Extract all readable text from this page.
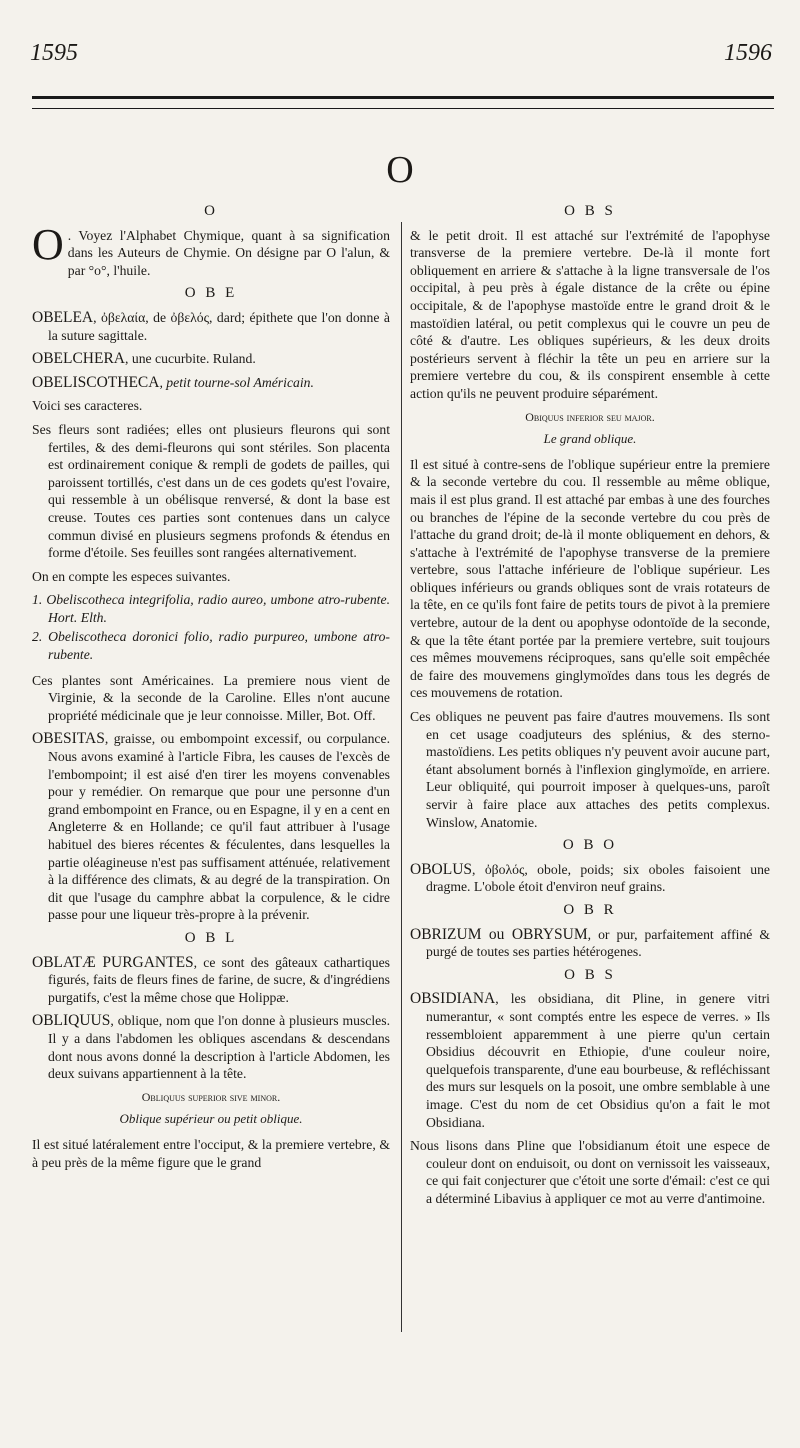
1595	1596
O
O

O . Voyez l'Alphabet Chymique, quant à sa signification dans les Auteurs de Chymie. On désigne par O l'alun, & par °o°, l'huile.

O B E

OBELEA, ὀβελαία, de ὀβελός, dard; épithete que l'on donne à la suture sagittale.

OBELCHERA, une cucurbite. Ruland.

OBELISCOTHECA, petit tourne-sol Américain.

Voici ses caracteres.

Ses fleurs sont radiées; elles ont plusieurs fleurons qui sont fertiles, & des demi-fleurons qui sont stériles. Son placenta est ordinairement conique & rempli de godets de pailles, qui paroissent tortillés, c'est dans un de ces godets qu'est l'ovaire, qui ressemble à un obélisque renversé, & dont la base est creuse. Toutes ces parties sont contenues dans un calyce commun divisé en plusieurs segmens profonds & étendus en forme d'étoile. Ses feuilles sont rangées alternativement.

On en compte les especes suivantes.

1. Obeliscotheca integrifolia, radio aureo, umbone atro-rubente. Hort. Elth.
2. Obeliscotheca doronici folio, radio purpureo, umbone atro-rubente.

Ces plantes sont Américaines. La premiere nous vient de Virginie, & la seconde de la Caroline. Elles n'ont aucune propriété médicinale que je leur connoisse. Miller, Bot. Off.

OBESITAS, graisse, ou embompoint excessif, ou corpulance. Nous avons examiné à l'article Fibra, les causes de l'excès de l'embompoint; il est aisé d'en tirer les moyens convenables pour y remédier. On remarque que pour une personne d'un grand embompoint en France, ou en Espagne, il y en a cent en Angleterre & en Hollande; ce qu'il faut attribuer à l'usage habituel des bieres récentes & féculentes, dans lesquelles la partie oléagineuse n'est pas suffisament atténuée, relativement à la différence des climats, & au degré de la transpiration. On dit que l'usage du camphre abbat la corpulence, & le cidre passe pour une liqueur très-propre à la prévenir.

O B L

OBLATÆ PURGANTES, ce sont des gâteaux cathartiques figurés, faits de fleurs fines de farine, de sucre, & d'ingrédiens purgatifs, c'est la même chose que Holippæ.

OBLIQUUS, oblique, nom que l'on donne à plusieurs muscles. Il y a dans l'abdomen les obliques ascendans & descendans dont nous avons donné la description à l'article Abdomen, les deux suivans appartiennent à la tête.

Obliquus superior sive minor.
Oblique supérieur ou petit oblique.

Il est situé latéralement entre l'occiput, & la premiere vertebre, & à peu près de la même figure que le grand

O B S

& le petit droit. Il est attaché sur l'extrémité de l'apophyse transverse de la premiere vertebre. De-là il monte fort obliquement en arriere & s'attache à la ligne transversale de l'os occipital, à peu près à égale distance de la crête ou épine occipitale, & de l'apophyse mastoïde entre le grand droit & le mastoïdien latéral, ou petit complexus qui le couvre un peu de côté & d'autre. Les obliques supérieurs, & les deux droits postérieurs servent à fléchir la tête un peu en arriere sur la premiere vertebre du cou, & ils conspirent ensemble à cette action qu'ils ne peuvent produire séparément.

Obiquus inferior seu major.
Le grand oblique.

Il est situé à contre-sens de l'oblique supérieur entre la premiere & la seconde vertebre du cou. Il ressemble au même oblique, mais il est plus grand. Il est attaché par embas à une des fourches ou branches de l'épine de la seconde vertebre du cou près de l'attache du grand droit; de-là il monte obliquement en dehors, & s'attache à l'extrémité de l'apophyse transverse de la premiere vertebre, sous l'attache inférieure de l'oblique supérieur. Les obliques inférieurs ou grands obliques sont de vrais rotateurs de la tête, en ce qu'ils font faire de petits tours de pivot à la premiere vertebre, autour de la dent ou apophyse odontoïde de la seconde, & que la tête étant portée par la premiere vertebre, suit toujours ces mêmes mouvemens réciproques, sans qu'elle soit empêchée de faire des mouvemens ginglymoïdes dans tous les degrés de ces mouvemens de rotation.

Ces obliques ne peuvent pas faire d'autres mouvemens. Ils sont en cet usage coadjuteurs des splénius, & des sterno-mastoïdiens. Les petits obliques n'y peuvent avoir aucune part, étant absolument bornés à l'inflexion ginglymoïde, en arriere. Leur obliquité, qui pourroit imposer à quelques-uns, paroît servir à faire place aux attaches des petits complexus. Winslow, Anatomie.

O B O

OBOLUS, ὀβολός, obole, poids; six oboles faisoient une dragme. L'obole étoit d'environ neuf grains.

O B R

OBRIZUM ou OBRYSUM, or pur, parfaitement affiné & purgé de toutes ses parties hétérogenes.

O B S

OBSIDIANA, les obsidiana, dit Pline, in genere vitri numerantur, « sont comptés entre les espece de verres. » Ils ressembloient apparemment à une pierre qu'un certain Obsidius découvrit en Ethiopie, d'une couleur noire, quelquefois transparente, d'une eau bourbeuse, & refléchissant des murs sur lesquels on la posoit, une ombre semblable à une image. C'est du nom de cet Obsidius qu'on a fait le mot Obsidiana.

Nous lisons dans Pline que l'obsidianum étoit une espece de couleur dont on enduisoit, ou dont on vernissoit les vaisseaux, ce qui fait conjecturer que c'étoit une sorte d'émail: c'est ce qui a déterminé Libavius à appliquer ce mot au verre d'antimoine.
